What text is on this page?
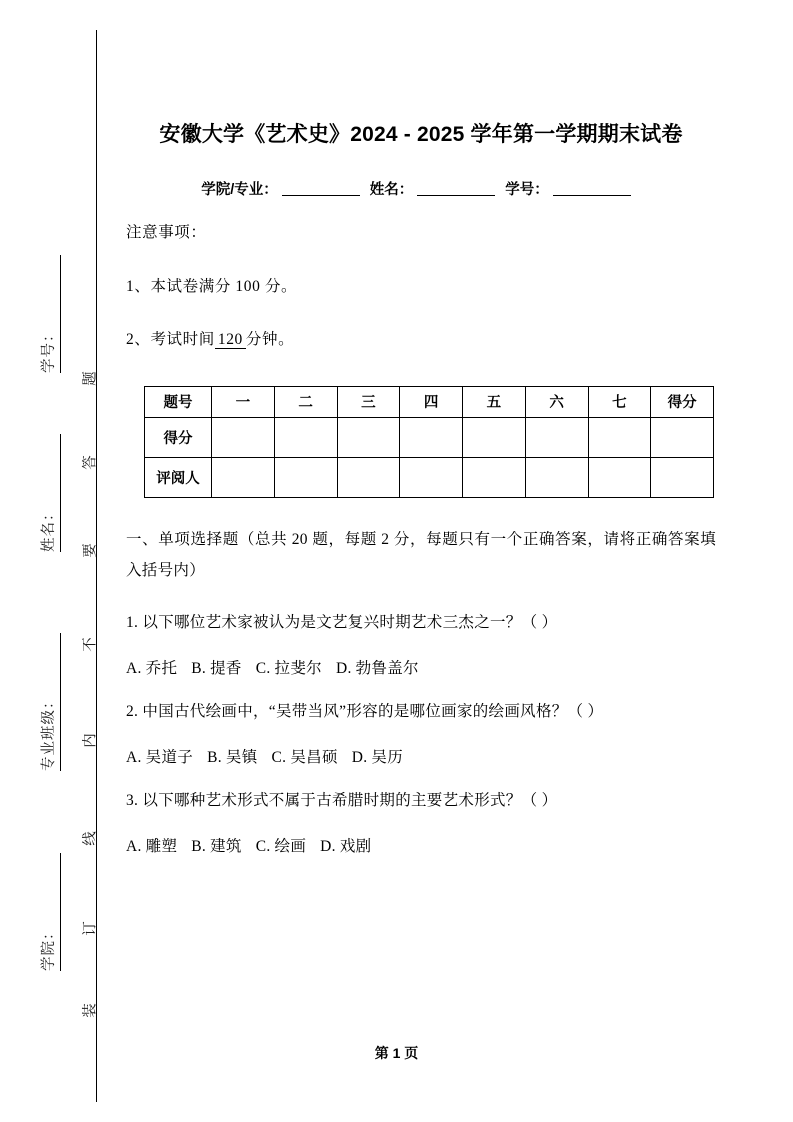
学号：
姓名：
专业班级：
学院：
题
答
要
不
内
线
订
装
安徽大学《艺术史》2024 - 2025 学年第一学期期末试卷
学院/专业：	姓名：	学号：
注意事项：
1、本试卷满分 100 分。
2、考试时间 120 分钟。
题号	一	二	三	四	五	六	七	得分
得分								
评阅人								
一、单项选择题（总共 20 题，每题 2 分，每题只有一个正确答案，请将正确答案填入括号内）
1. 以下哪位艺术家被认为是文艺复兴时期艺术三杰之一？（ ）
A. 乔托 B. 提香 C. 拉斐尔 D. 勃鲁盖尔
2. 中国古代绘画中，“吴带当风”形容的是哪位画家的绘画风格？（ ）
A. 吴道子 B. 吴镇 C. 吴昌硕 D. 吴历
3. 以下哪种艺术形式不属于古希腊时期的主要艺术形式？（ ）
A. 雕塑 B. 建筑 C. 绘画 D. 戏剧
第 1 页
